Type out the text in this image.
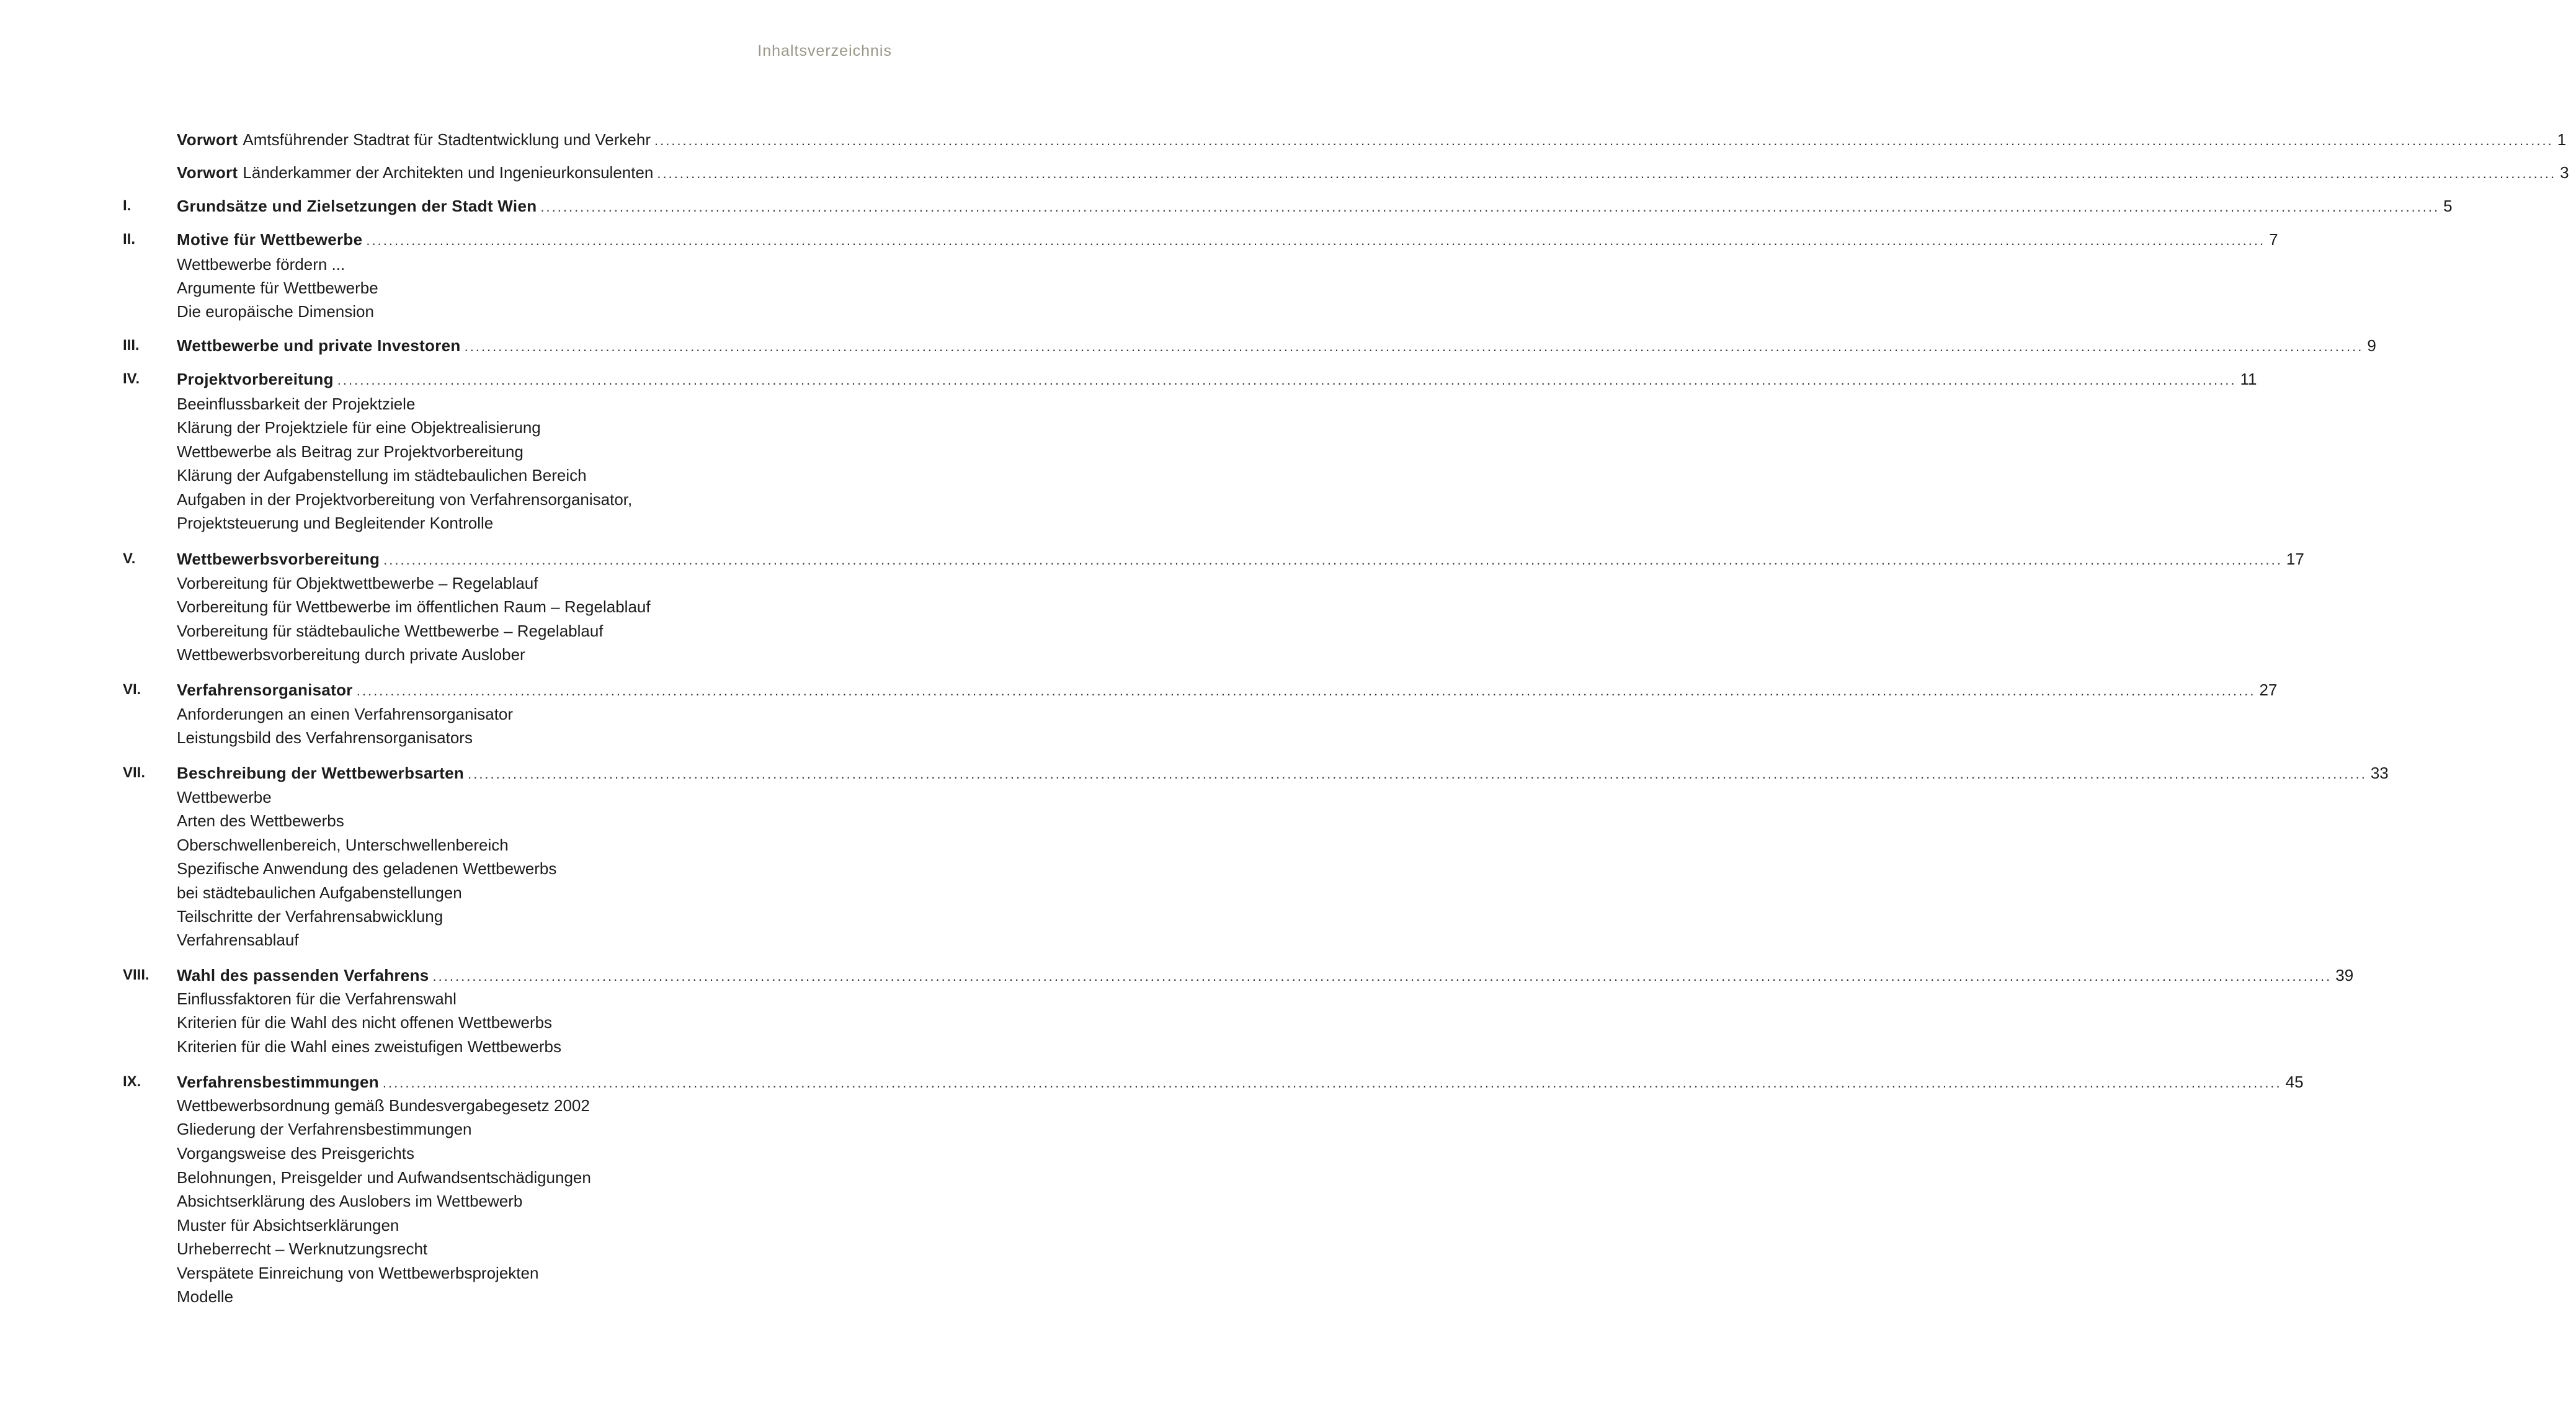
Inhaltsverzeichnis
Vorwort Amtsführender Stadtrat für Stadtentwicklung und Verkehr ................................................................................................................................................................................................................................................................................................................................................ 1
Vorwort Länderkammer der Architekten und Ingenieurkonsulenten ................................................................................................................................................................................................................................................................................................................................................ 3
I.	Grundsätze und Zielsetzungen der Stadt Wien ................................................................................................................................................................................................................................................................................................................................................ 5
II.	Motive für Wettbewerbe ................................................................................................................................................................................................................................................................................................................................................ 7
Wettbewerbe fördern ...
Argumente für Wettbewerbe
Die europäische Dimension
III. Wettbewerbe und private Investoren ................................................................................................................................................................................................................................................................................................................................................ 9
IV. Projektvorbereitung ................................................................................................................................................................................................................................................................................................................................................ 11
Beeinflussbarkeit der Projektziele
Klärung der Projektziele für eine Objektrealisierung
Wettbewerbe als Beitrag zur Projektvorbereitung
Klärung der Aufgabenstellung im städtebaulichen Bereich
Aufgaben in der Projektvorbereitung von Verfahrensorganisator,
Projektsteuerung und Begleitender Kontrolle
V.	Wettbewerbsvorbereitung ................................................................................................................................................................................................................................................................................................................................................ 17
Vorbereitung für Objektwettbewerbe – Regelablauf
Vorbereitung für Wettbewerbe im öffentlichen Raum – Regelablauf
Vorbereitung für städtebauliche Wettbewerbe – Regelablauf
Wettbewerbsvorbereitung durch private Auslober
VI. Verfahrensorganisator ................................................................................................................................................................................................................................................................................................................................................ 27
Anforderungen an einen Verfahrensorganisator
Leistungsbild des Verfahrensorganisators
VII. Beschreibung der Wettbewerbsarten ................................................................................................................................................................................................................................................................................................................................................ 33
Wettbewerbe
Arten des Wettbewerbs
Oberschwellenbereich, Unterschwellenbereich
Spezifische Anwendung des geladenen Wettbewerbs
bei städtebaulichen Aufgabenstellungen
Teilschritte der Verfahrensabwicklung
Verfahrensablauf
VIII. Wahl des passenden Verfahrens ................................................................................................................................................................................................................................................................................................................................................ 39
Einflussfaktoren für die Verfahrenswahl
Kriterien für die Wahl des nicht offenen Wettbewerbs
Kriterien für die Wahl eines zweistufigen Wettbewerbs
IX. Verfahrensbestimmungen ................................................................................................................................................................................................................................................................................................................................................ 45
Wettbewerbsordnung gemäß Bundesvergabegesetz 2002
Gliederung der Verfahrensbestimmungen
Vorgangsweise des Preisgerichts
Belohnungen, Preisgelder und Aufwandsentschädigungen
Absichtserklärung des Auslobers im Wettbewerb
Muster für Absichtserklärungen
Urheberrecht – Werknutzungsrecht
Verspätete Einreichung von Wettbewerbsprojekten
Modelle
